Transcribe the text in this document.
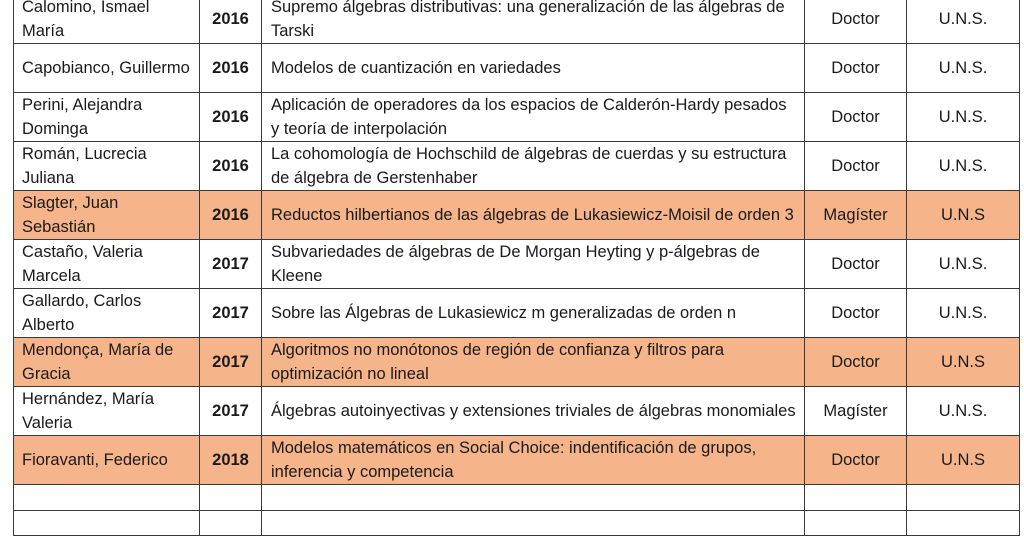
Calomino, Ismael María	2016	Supremo álgebras distributivas: una generalización de las álgebras de Tarski	Doctor	U.N.S.
Capobianco, Guillermo	2016	Modelos de cuantización en variedades	Doctor	U.N.S.
Perini, Alejandra Dominga	2016	Aplicación de operadores da los espacios de Calderón-Hardy pesados y teoría de interpolación	Doctor	U.N.S.
Román, Lucrecia Juliana	2016	La cohomología de Hochschild de álgebras de cuerdas y su estructura de álgebra de Gerstenhaber	Doctor	U.N.S.
Slagter, Juan Sebastián	2016	Reductos hilbertianos de las álgebras de Lukasiewicz-Moisil de orden 3	Magíster	U.N.S
Castaño, Valeria Marcela	2017	Subvariedades de álgebras de De Morgan Heyting y p-álgebras de Kleene	Doctor	U.N.S.
Gallardo, Carlos Alberto	2017	Sobre las Álgebras de Lukasiewicz m generalizadas de orden n	Doctor	U.N.S.
Mendonça, María de Gracia	2017	Algoritmos no monótonos de región de confianza y filtros para optimización no lineal	Doctor	U.N.S
Hernández, María Valeria	2017	Álgebras autoinyectivas y extensiones triviales de álgebras monomiales	Magíster	U.N.S.
Fioravanti, Federico	2018	Modelos matemáticos en Social Choice: indentificación de grupos, inferencia y competencia	Doctor	U.N.S
